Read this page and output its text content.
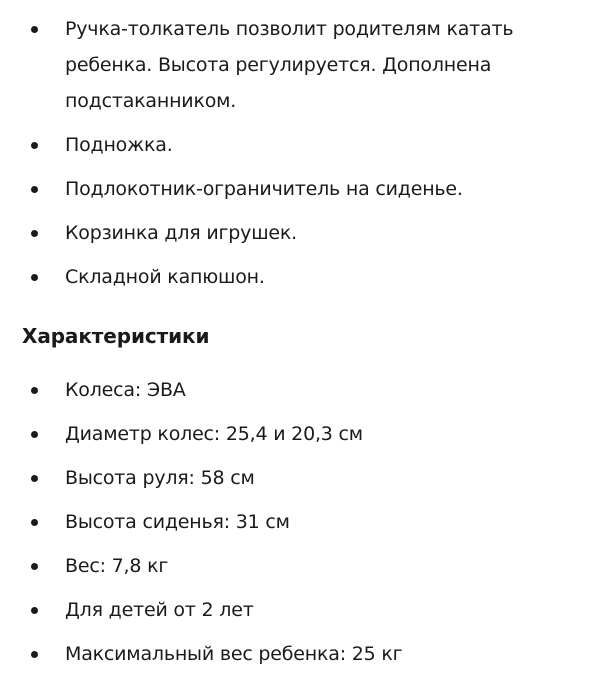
Ручка-толкатель позволит родителям катать ребенка. Высота регулируется. Дополнена подстаканником.
Подножка.
Подлокотник-ограничитель на сиденье.
Корзинка для игрушек.
Складной капюшон.
Характеристики
Колеса: ЭВА
Диаметр колес: 25,4 и 20,3 см
Высота руля: 58 см
Высота сиденья: 31 см
Вес: 7,8 кг
Для детей от 2 лет
Максимальный вес ребенка: 25 кг
